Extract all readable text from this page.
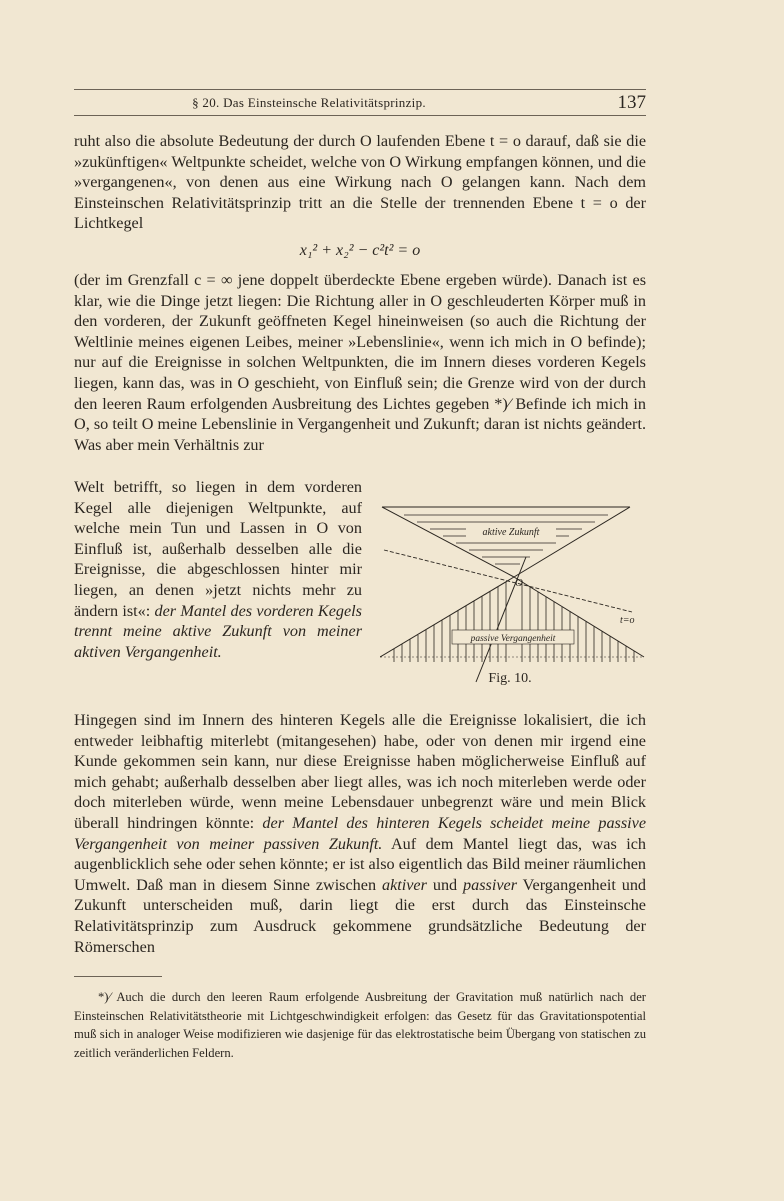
§ 20. Das Einsteinsche Relativitätsprinzip.	137

ruht also die absolute Bedeutung der durch O laufenden Ebene t = o darauf, daß sie die »zukünftigen« Weltpunkte scheidet, welche von O Wirkung empfangen können, und die »vergangenen«, von denen aus eine Wirkung nach O gelangen kann. Nach dem Einsteinschen Relativitätsprinzip tritt an die Stelle der trennenden Ebene t = o der Lichtkegel

x₁² + x₂² − c²t² = o

(der im Grenzfall c = ∞ jene doppelt überdeckte Ebene ergeben würde). Danach ist es klar, wie die Dinge jetzt liegen: Die Richtung aller in O geschleuderten Körper muß in den vorderen, der Zukunft geöffneten Kegel hineinweisen (so auch die Richtung der Weltlinie meines eigenen Leibes, meiner »Lebenslinie«, wenn ich mich in O befinde); nur auf die Ereignisse in solchen Weltpunkten, die im Innern dieses vorderen Kegels liegen, kann das, was in O geschieht, von Einfluß sein; die Grenze wird von der durch den leeren Raum erfolgenden Ausbreitung des Lichtes gegeben *)⁄ Befinde ich mich in O, so teilt O meine Lebenslinie in Vergangenheit und Zukunft; daran ist nichts geändert. Was aber mein Verhältnis zur

Welt betrifft, so liegen in dem vorderen Kegel alle diejenigen Weltpunkte, auf welche mein Tun und Lassen in O von Einfluß ist, außerhalb desselben alle die Ereignisse, die abgeschlossen hinter mir liegen, an denen »jetzt nichts mehr zu ändern ist«: der Mantel des vorderen Kegels trennt meine aktive Zukunft von meiner aktiven Vergangenheit.

aktive Zukunft
t=o
O
passive Vergangenheit
Fig. 10.

Hingegen sind im Innern des hinteren Kegels alle die Ereignisse lokalisiert, die ich entweder leibhaftig miterlebt (mitangesehen) habe, oder von denen mir irgend eine Kunde gekommen sein kann, nur diese Ereignisse haben möglicherweise Einfluß auf mich gehabt; außerhalb desselben aber liegt alles, was ich noch miterleben werde oder doch miterleben würde, wenn meine Lebensdauer unbegrenzt wäre und mein Blick überall hindringen könnte: der Mantel des hinteren Kegels scheidet meine passive Vergangenheit von meiner passiven Zukunft. Auf dem Mantel liegt das, was ich augenblicklich sehe oder sehen könnte; er ist also eigentlich das Bild meiner räumlichen Umwelt. Daß man in diesem Sinne zwischen aktiver und passiver Vergangenheit und Zukunft unterscheiden muß, darin liegt die erst durch das Einsteinsche Relativitätsprinzip zum Ausdruck gekommene grundsätzliche Bedeutung der Römerschen

*)⁄ Auch die durch den leeren Raum erfolgende Ausbreitung der Gravitation muß natürlich nach der Einsteinschen Relativitätstheorie mit Lichtgeschwindigkeit erfolgen: das Gesetz für das Gravitationspotential muß sich in analoger Weise modifizieren wie dasjenige für das elektrostatische beim Übergang von statischen zu zeitlich veränderlichen Feldern.
